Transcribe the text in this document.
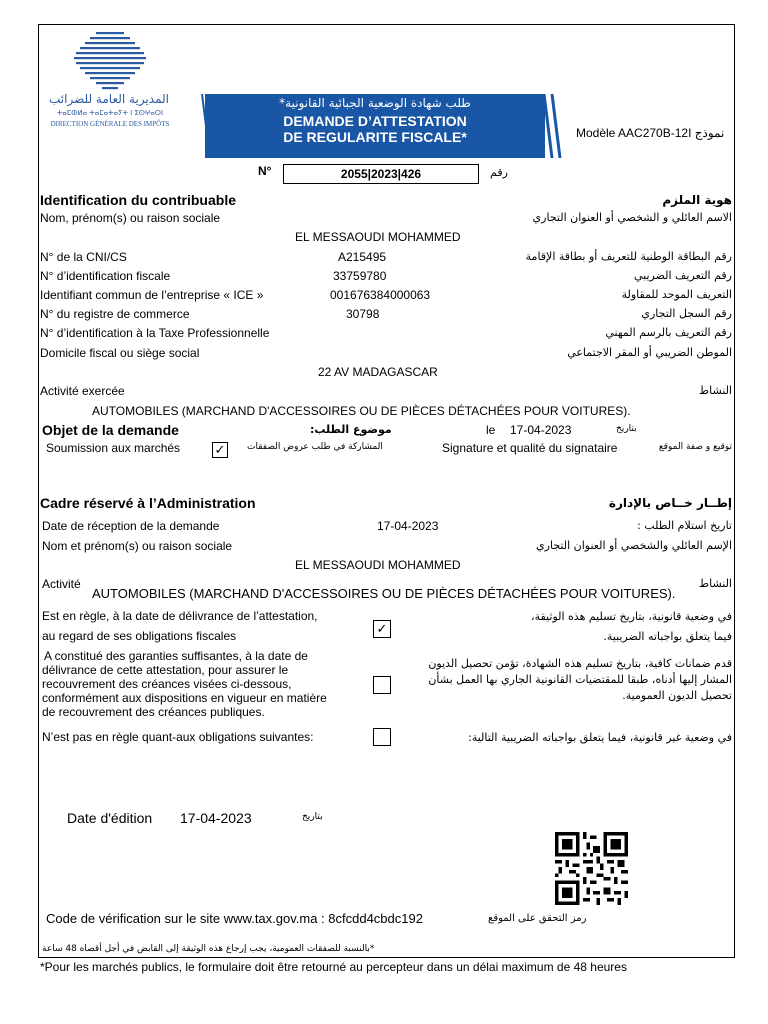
المديرية العامة للضرائب
ⵜⴰⵎⵀⵍⴰ ⵜⴰⵎⴰⵜⴰⵢⵜ ⵏ ⵉⵙⵖⴰⵔⵏ
DIRECTION GÉNÉRALE DES IMPÔTS
طلب شهادة الوضعية الجبائية القانونية*
DEMANDE D’ATTESTATION
DE REGULARITE FISCALE*	Modèle AAC270B-12I نموذج
N°	2055|2023|426	رقم
Identification du contribuable	هوية الملزم
Nom, prénom(s) ou raison sociale	الاسم العائلي و الشخصي أو العنوان التجاري
EL MESSAOUDI MOHAMMED
N° de la CNI/CS	A215495	رقم البطاقة الوطنية للتعريف أو بطاقة الإقامة
N° d’identification fiscale	33759780	رقم التعريف الضريبي
Identifiant commun de l’entreprise « ICE »	001676384000063	التعريف الموحد للمقاولة
N° du registre de commerce	30798	رقم السجل التجاري
N° d’identification à la Taxe Professionnelle	رقم التعريف بالرسم المهني
Domicile fiscal ou siège social	الموطن الضريبي أو المقر الاجتماعي
22 AV MADAGASCAR
Activité exercée	النشاط
AUTOMOBILES (MARCHAND D'ACCESSOIRES OU DE PIÈCES DÉTACHÉES POUR VOITURES).
Objet de la demande	موضوع الطلب:	le 17-04-2023	بتاريخ
Soumission aux marchés	✓ المشاركة في طلب عروض الصفقات	Signature et qualité du signataire	توقيع و صفة الموقع
Cadre réservé à l’Administration	إطــار خــاص بالإدارة
Date de réception de la demande	17-04-2023	تاريخ استلام الطلب :
Nom et prénom(s) ou raison sociale	الإسم العائلي والشخصي أو العنوان التجاري
EL MESSAOUDI MOHAMMED
Activité	النشاط
AUTOMOBILES (MARCHAND D'ACCESSOIRES OU DE PIÈCES DÉTACHÉES POUR VOITURES).
Est en règle, à la date de délivrance de l’attestation,
au regard de ses obligations fiscales	✓
في وضعية قانونية، بتاريخ تسليم هذه الوثيقة،
فيما يتعلق بواجباته الضريبية.
A constitué des garanties suffisantes, à la date de
délivrance de cette attestation, pour assurer le
recouvrement des créances visées ci-dessous,
conformément aux dispositions en vigueur en matière
de recouvrement des créances publiques.
قدم ضمانات كافية، بتاريخ تسليم هذه الشهادة، تؤمن تحصيل الديون
المشار إليها أدناه، طبقا للمقتضيات القانونية الجاري بها العمل بشأن
تحصيل الديون العمومية.
N’est pas en règle quant-aux obligations suivantes:	في وضعية غير قانونية، فيما يتعلق بواجباته الضريبية التالية:
Date d'édition 17-04-2023	بتاريخ
Code de vérification sur le site www.tax.gov.ma : 8cfcdd4cbdc192	رمز التحقق على الموقع
*بالنسبة للصفقات العمومية، يجب إرجاع هذه الوثيقة إلى القابض في أجل أقصاه 48 ساعة
*Pour les marchés publics, le formulaire doit être retourné au percepteur dans un délai maximum de 48 heures
